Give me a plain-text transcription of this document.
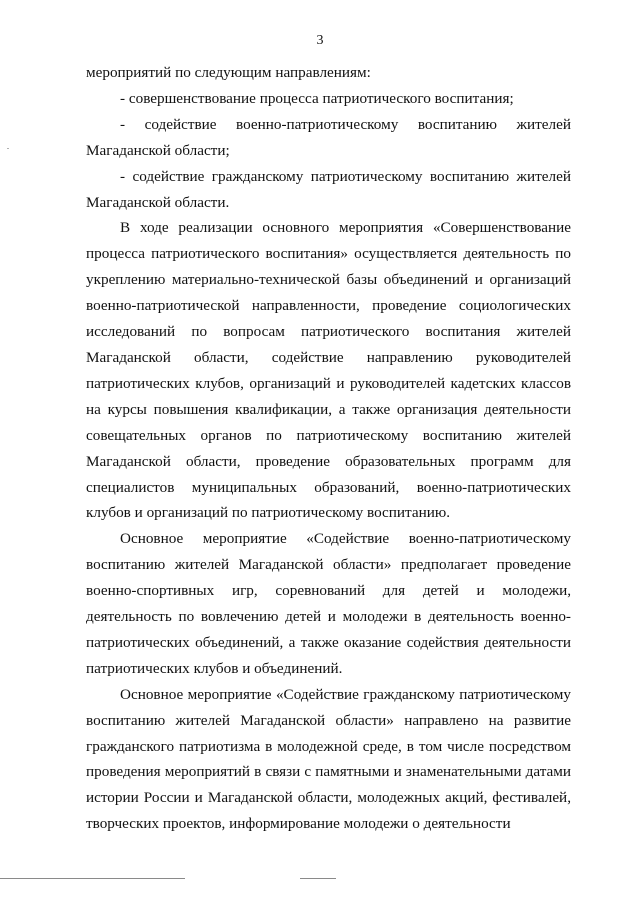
3

мероприятий по следующим направлениям:

- совершенствование процесса патриотического воспитания;

- содействие военно-патриотическому воспитанию жителей Магаданской области;

- содействие гражданскому патриотическому воспитанию жителей Магаданской области.

В ходе реализации основного мероприятия «Совершенствование процесса патриотического воспитания» осуществляется деятельность по укреплению материально-технической базы объединений и организаций военно-патриотической направленности, проведение социологических исследований по вопросам патриотического воспитания жителей Магаданской области, содействие направлению руководителей патриотических клубов, организаций и руководителей кадетских классов на курсы повышения квалификации, а также организация деятельности совещательных органов по патриотическому воспитанию жителей Магаданской области, проведение образовательных программ для специалистов муниципальных образований, военно-патриотических клубов и организаций по патриотическому воспитанию.

Основное мероприятие «Содействие военно-патриотическому воспитанию жителей Магаданской области» предполагает проведение военно-спортивных игр, соревнований для детей и молодежи, деятельность по вовлечению детей и молодежи в деятельность военно-патриотических объединений, а также оказание содействия деятельности патриотических клубов и объединений.

Основное мероприятие «Содействие гражданскому патриотическому воспитанию жителей Магаданской области» направлено на развитие гражданского патриотизма в молодежной среде, в том числе посредством проведения мероприятий в связи с памятными и знаменательными датами истории России и Магаданской области, молодежных акций, фестивалей, творческих проектов, информирование молодежи о деятельности
